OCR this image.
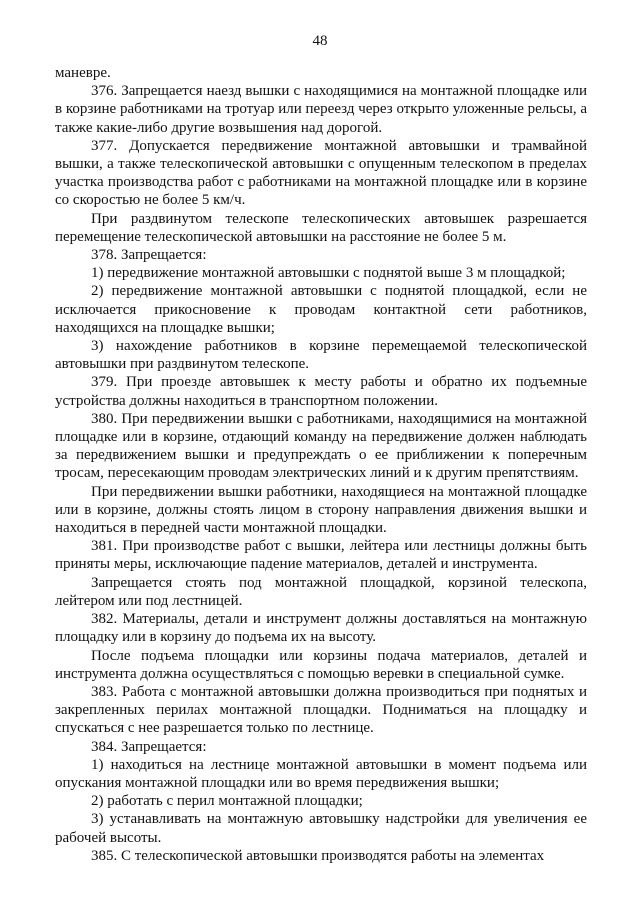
48

маневре.

376. Запрещается наезд вышки с находящимися на монтажной площадке или в корзине работниками на тротуар или переезд через открыто уложенные рельсы, а также какие-либо другие возвышения над дорогой.

377. Допускается передвижение монтажной автовышки и трамвайной вышки, а также телескопической автовышки с опущенным телескопом в пределах участка производства работ с работниками на монтажной площадке или в корзине со скоростью не более 5 км/ч.

При раздвинутом телескопе телескопических автовышек разрешается перемещение телескопической автовышки на расстояние не более 5 м.

378. Запрещается:

1) передвижение монтажной автовышки с поднятой выше 3 м площадкой;

2) передвижение монтажной автовышки с поднятой площадкой, если не исключается прикосновение к проводам контактной сети работников, находящихся на площадке вышки;

3) нахождение работников в корзине перемещаемой телескопической автовышки при раздвинутом телескопе.

379. При проезде автовышек к месту работы и обратно их подъемные устройства должны находиться в транспортном положении.

380. При передвижении вышки с работниками, находящимися на монтажной площадке или в корзине, отдающий команду на передвижение должен наблюдать за передвижением вышки и предупреждать о ее приближении к поперечным тросам, пересекающим проводам электрических линий и к другим препятствиям.

При передвижении вышки работники, находящиеся на монтажной площадке или в корзине, должны стоять лицом в сторону направления движения вышки и находиться в передней части монтажной площадки.

381. При производстве работ с вышки, лейтера или лестницы должны быть приняты меры, исключающие падение материалов, деталей и инструмента.

Запрещается стоять под монтажной площадкой, корзиной телескопа, лейтером или под лестницей.

382. Материалы, детали и инструмент должны доставляться на монтажную площадку или в корзину до подъема их на высоту.

После подъема площадки или корзины подача материалов, деталей и инструмента должна осуществляться с помощью веревки в специальной сумке.

383. Работа с монтажной автовышки должна производиться при поднятых и закрепленных перилах монтажной площадки. Подниматься на площадку и спускаться с нее разрешается только по лестнице.

384. Запрещается:

1) находиться на лестнице монтажной автовышки в момент подъема или опускания монтажной площадки или во время передвижения вышки;

2) работать с перил монтажной площадки;

3) устанавливать на монтажную автовышку надстройки для увеличения ее рабочей высоты.

385. С телескопической автовышки производятся работы на элементах
